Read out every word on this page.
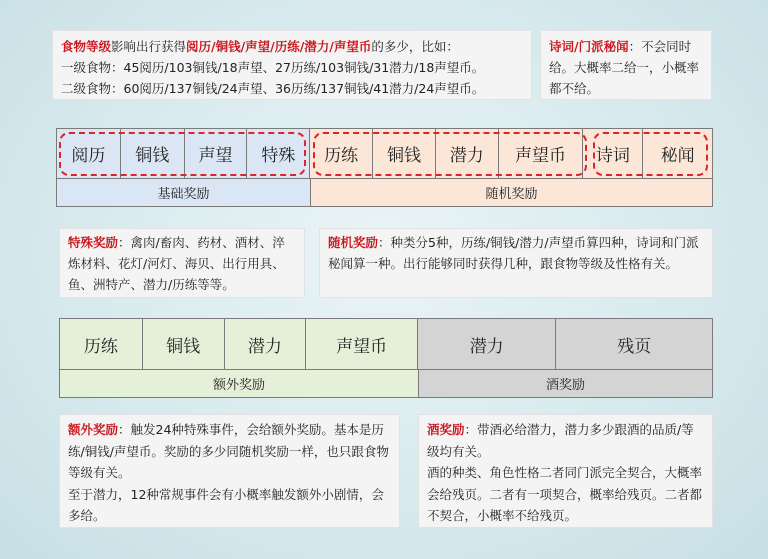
食物等级影响出行获得阅历/铜钱/声望/历练/潜力/声望币的多少，比如：
一级食物：45阅历/103铜钱/18声望、27历练/103铜钱/31潜力/18声望币。
二级食物：60阅历/137铜钱/24声望、36历练/137铜钱/41潜力/24声望币。
诗词/门派秘闻：不会同时给。大概率二给一，小概率都不给。
阅历	铜钱	声望	特殊	历练	铜钱	潜力	声望币	诗词	秘闻
基础奖励	随机奖励
特殊奖励：禽肉/畜肉、药材、酒材、淬炼材料、花灯/河灯、海贝、出行用具、鱼、洲特产、潜力/历练等等。
随机奖励：种类分5种，历练/铜钱/潜力/声望币算四种，诗词和门派秘闻算一种。出行能够同时获得几种，跟食物等级及性格有关。
历练	铜钱	潜力	声望币	潜力	残页
额外奖励	酒奖励
额外奖励：触发24种特殊事件，会给额外奖励。基本是历练/铜钱/声望币。奖励的多少同随机奖励一样，也只跟食物等级有关。
至于潜力，12种常规事件会有小概率触发额外小剧情，会多给。
酒奖励：带酒必给潜力，潜力多少跟酒的品质/等级均有关。
酒的种类、角色性格二者同门派完全契合，大概率会给残页。二者有一项契合，概率给残页。二者都不契合，小概率不给残页。
